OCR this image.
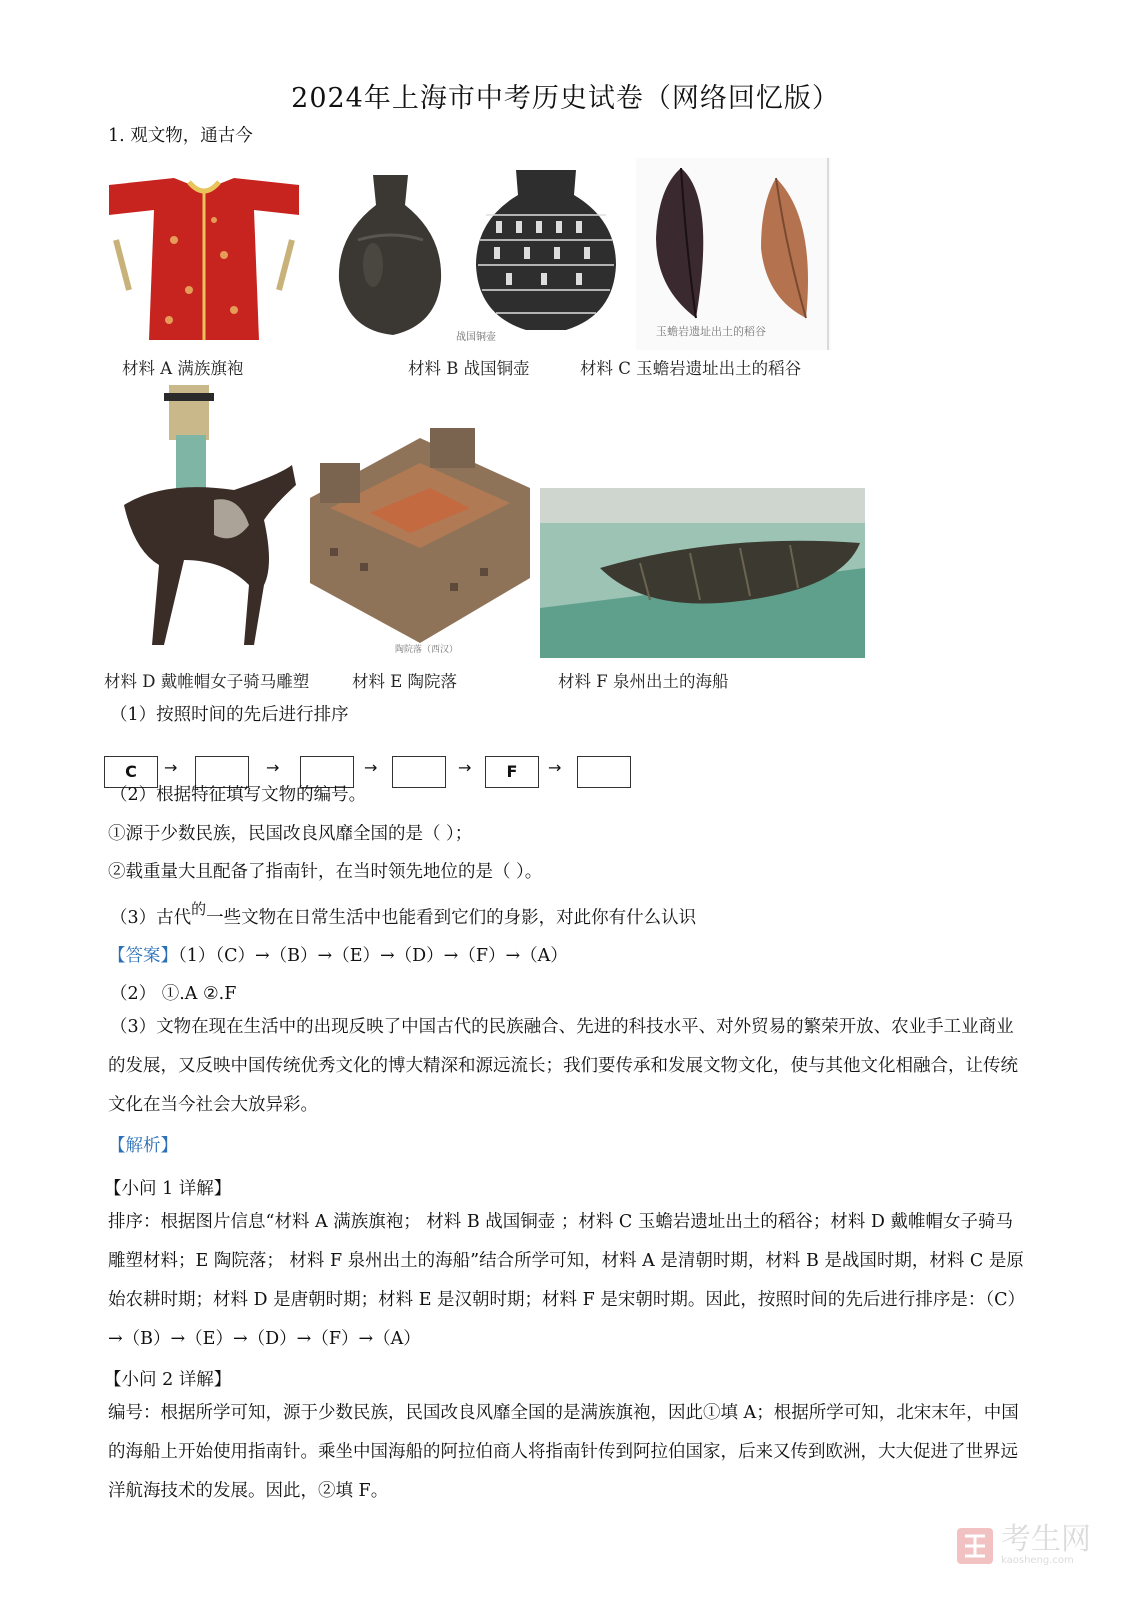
2024年上海市中考历史试卷（网络回忆版）
1. 观文物，通古今
战国铜壶	玉蟾岩遗址出土的稻谷
材料 A 满族旗袍	材料 B 战国铜壶	材料 C 玉蟾岩遗址出土的稻谷
陶院落（西汉）
材料 D 戴帷帽女子骑马雕塑	材料 E 陶院落	材料 F 泉州出土的海船
（1）按照时间的先后进行排序
C	→	→	→	→	F	→
（2）根据特征填写文物的编号。
①源于少数民族，民国改良风靡全国的是（ ）；
②载重量大且配备了指南针，在当时领先地位的是（ ）。
（3）古代的一些文物在日常生活中也能看到它们的身影，对此你有什么认识
【答案】（1）（C）→（B）→（E）→（D）→（F）→（A）
（2） ①.A ②.F
（3）文物在现在生活中的出现反映了中国古代的民族融合、先进的科技水平、对外贸易的繁荣开放、农业手工业商业的发展，又反映中国传统优秀文化的博大精深和源远流长；我们要传承和发展文物文化，使与其他文化相融合，让传统文化在当今社会大放异彩。
【解析】
【小问 1 详解】
排序：根据图片信息“材料 A 满族旗袍； 材料 B 战国铜壶 ；材料 C 玉蟾岩遗址出土的稻谷；材料 D 戴帷帽女子骑马雕塑材料；E 陶院落； 材料 F 泉州出土的海船”结合所学可知，材料 A 是清朝时期，材料 B 是战国时期，材料 C 是原始农耕时期；材料 D 是唐朝时期；材料 E 是汉朝时期；材料 F 是宋朝时期。因此，按照时间的先后进行排序是：（C）→（B）→（E）→（D）→（F）→（A）
【小问 2 详解】
编号：根据所学可知，源于少数民族，民国改良风靡全国的是满族旗袍，因此①填 A；根据所学可知，北宋末年，中国的海船上开始使用指南针。乘坐中国海船的阿拉伯商人将指南针传到阿拉伯国家，后来又传到欧洲，大大促进了世界远洋航海技术的发展。因此，②填 F。
考生网
kaosheng.com
